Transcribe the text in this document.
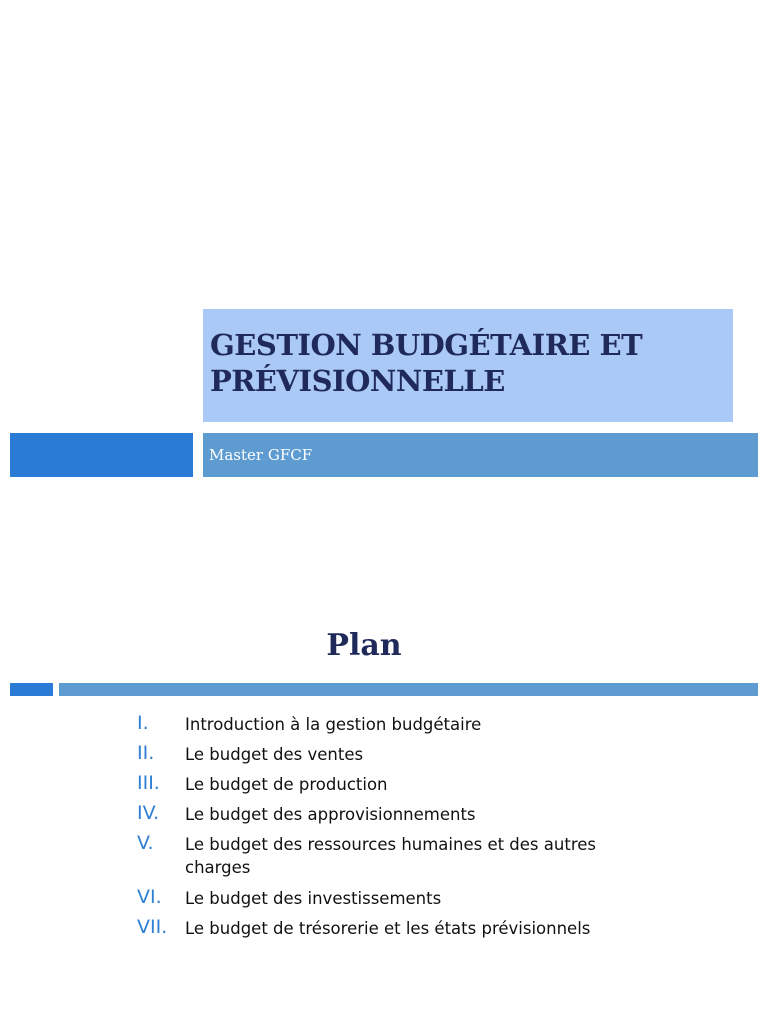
GESTION BUDGÉTAIRE ET PRÉVISIONNELLE
Master GFCF
Plan
I. Introduction à la gestion budgétaire
II. Le budget des ventes
III. Le budget de production
IV. Le budget des approvisionnements
V. Le budget des ressources humaines et des autres charges
VI. Le budget des investissements
VII. Le budget de trésorerie et les états prévisionnels
